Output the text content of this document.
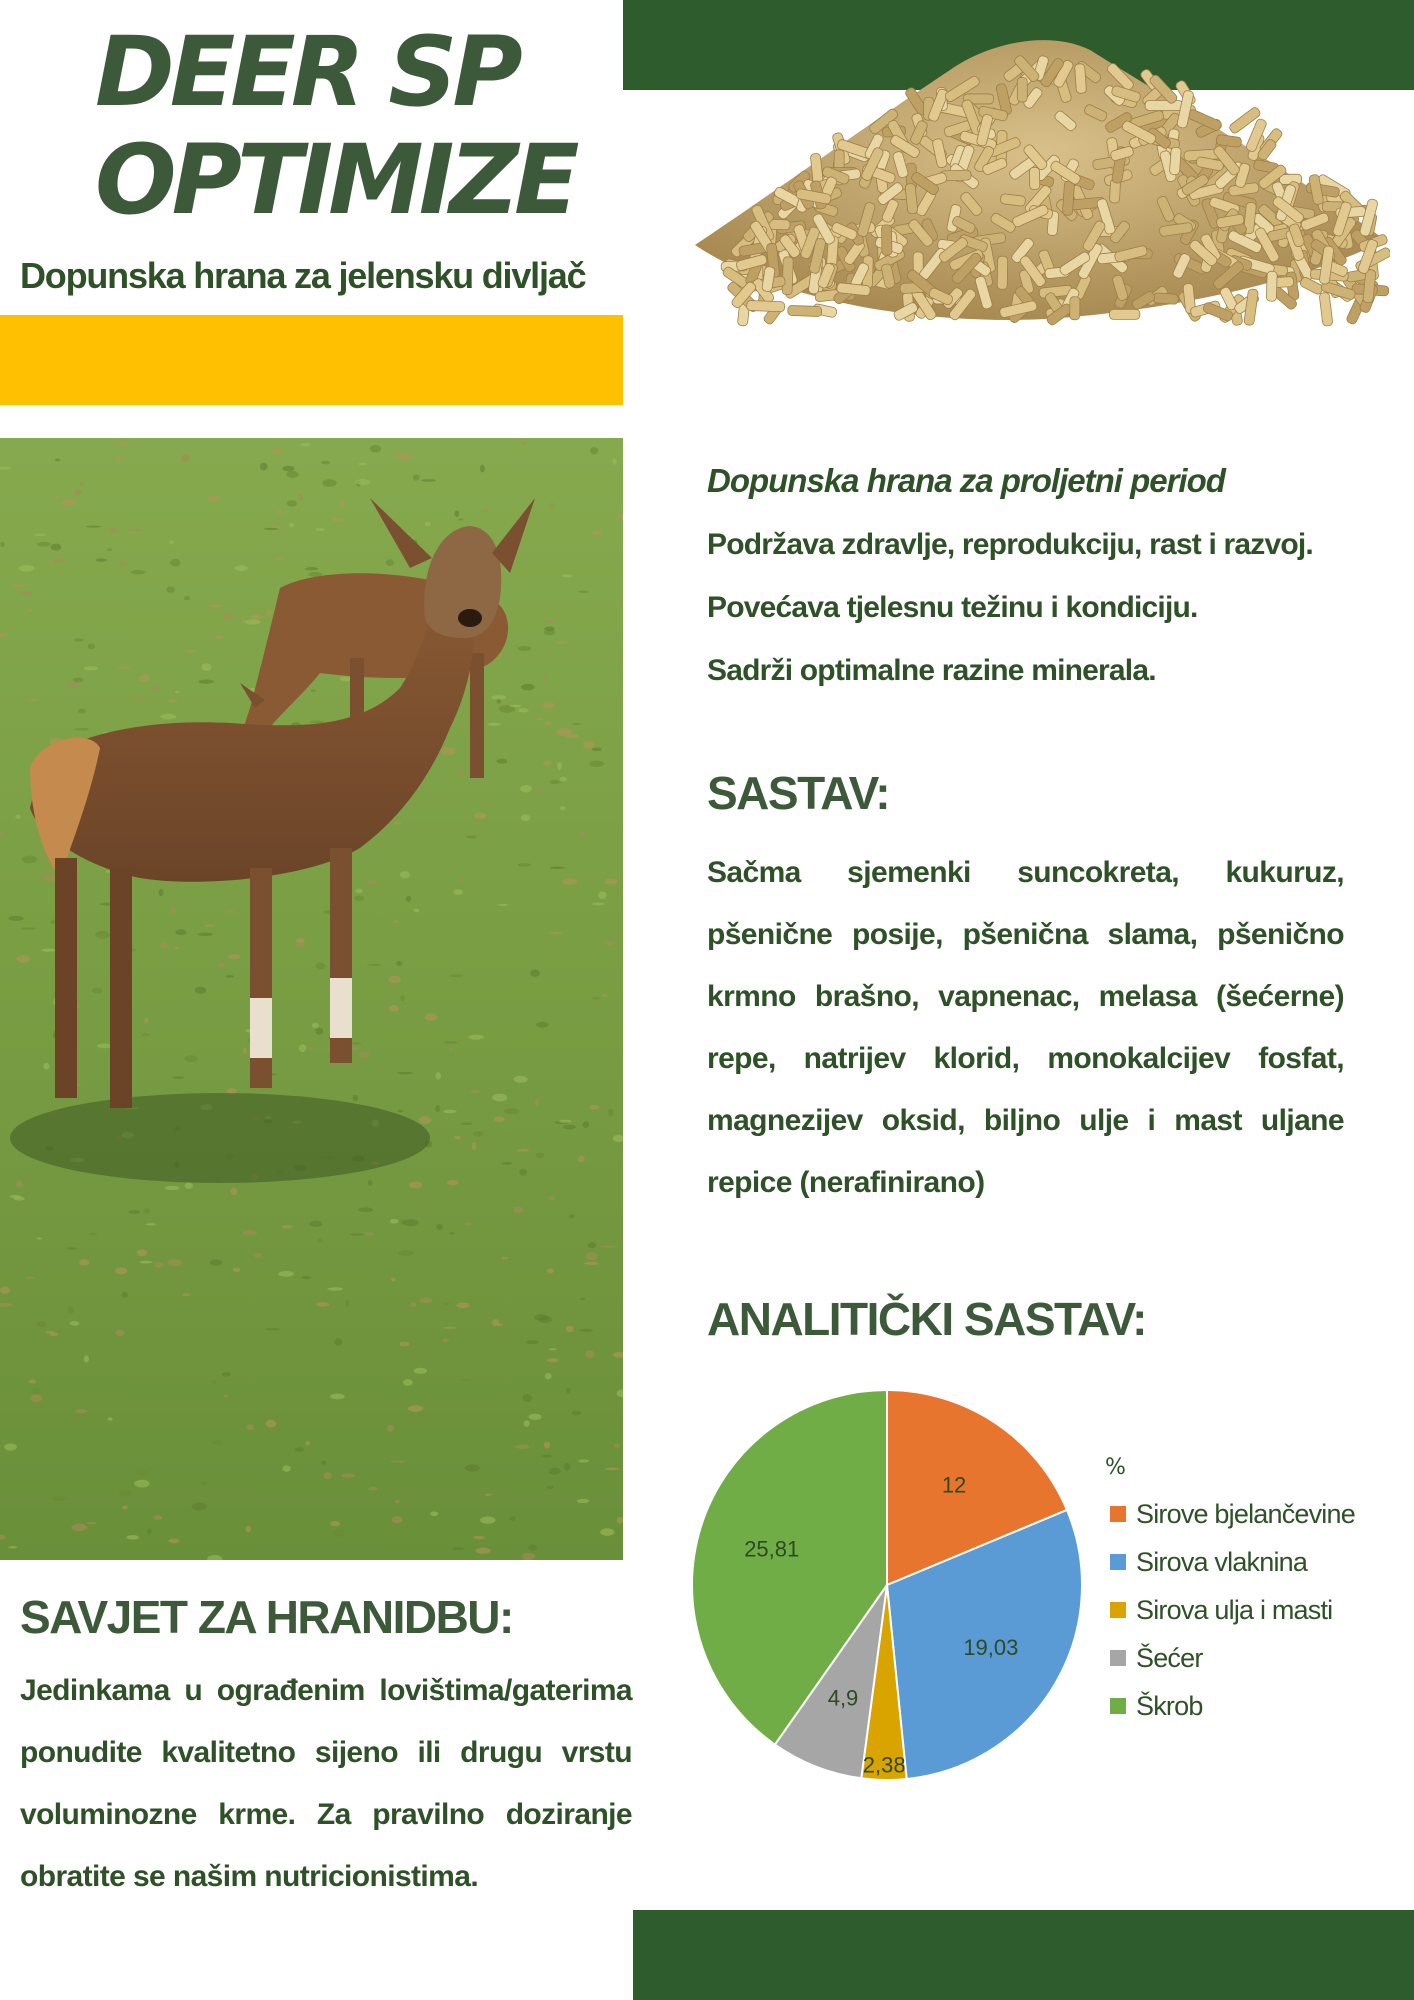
DEER SP
OPTIMIZE
Dopunska hrana za jelensku divljač
Dopunska hrana za proljetni period

Podržava zdravlje, reprodukciju, rast i razvoj.

Povećava tjelesnu težinu i kondiciju.

Sadrži optimalne razine minerala.

SASTAV:

Sačma sjemenki suncokreta, kukuruz, pšenične posije, pšenična slama, pšenično krmno brašno, vapnenac, melasa (šećerne) repe, natrijev klorid, monokalcijev fosfat, magnezijev oksid, biljno ulje i mast uljane repice (nerafinirano)

ANALITIČKI SASTAV:
12
19,03
2,38
4,9
25,81

%

Sirove bjelančevine
Sirova vlaknina
Sirova ulja i masti
Šećer
Škrob
SAVJET ZA HRANIDBU:

Jedinkama u ograđenim lovištima/gaterima ponudite kvalitetno sijeno ili drugu vrstu voluminozne krme. Za pravilno doziranje obratite se našim nutricionistima.
